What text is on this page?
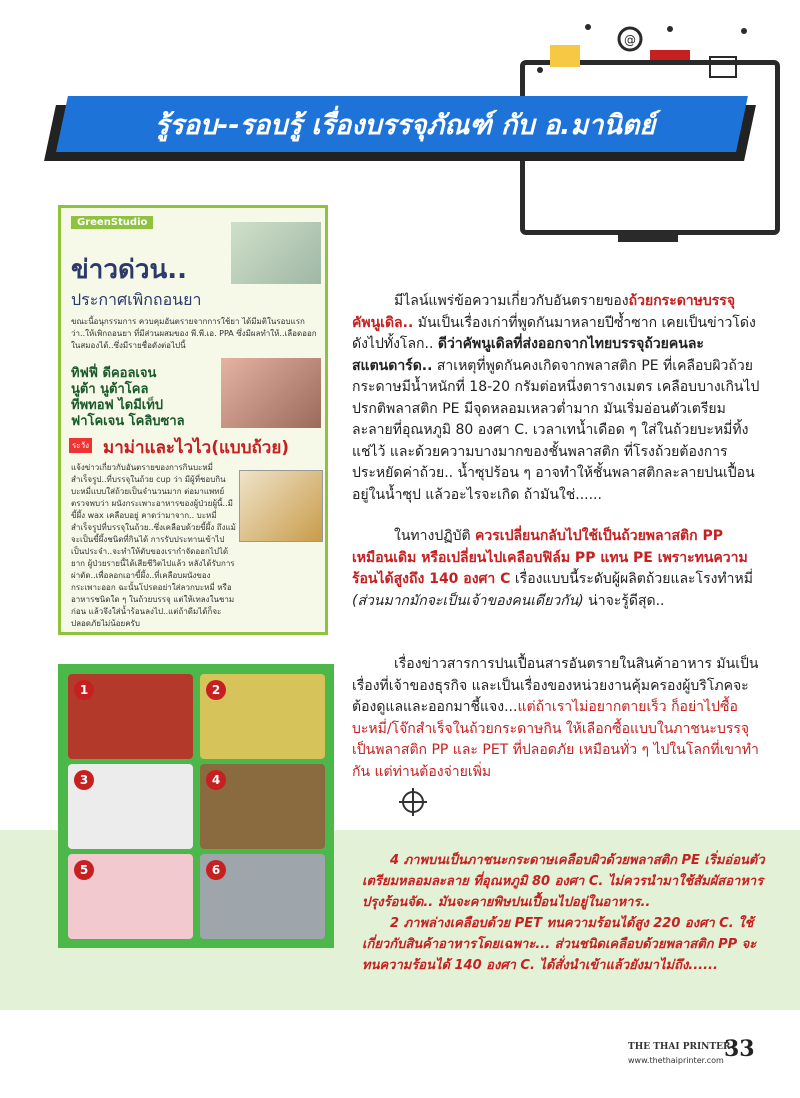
@
รู้รอบ--รอบรู้ เรื่องบรรจุภัณฑ์ กับ อ.มานิตย์
GreenStudio
ข่าวด่วน..
ประกาศเพิกถอนยา
ขณะนี้อนุกรรมการ ควบคุมอันตรายจากการใช้ยา ได้มีมติในรอบแรกว่า..ให้เพิกถอนยา ที่มีส่วนผสมของ พี.พี.เอ. PPA ซึ่งมีผลทำให้..เลือดออกในสมองได้..ซึ่งมีรายชื่อดังต่อไปนี้
ทิฟฟี่ ดีคอลเจน
นูต้า นูต้าโคล
ทีพทอฟ ไดมีเท็ป
ฟาโคเจน โคลิบซาล
ระวัง มาม่าและไวไว(แบบถ้วย)
แจ้งข่าวเกี่ยวกับอันตรายของการกินบะหมี่สำเร็จรูป..ที่บรรจุในถ้วย cup ว่า มีผู้ที่ชอบกินบะหมี่แบบใส่ถ้วยเป็นจำนวนมาก ต่อมาแพทย์ตรวจพบว่า ผนังกระเพาะอาหารของผู้ป่วยผู้นี้..มีขี้ผึ้ง wax เคลือบอยู่ คาดว่ามาจาก.. บะหมี่สำเร็จรูปที่บรรจุในถ้วย..ซึ่งเคลือบด้วยขี้ผึ้ง ถึงแม้จะเป็นขี้ผึ้งชนิดที่กินได้ การรับประทานเข้าไปเป็นประจำ..จะทำให้ตับของเรากำจัดออกไปได้ยาก ผู้ป่วยรายนี้ได้เสียชีวิตไปแล้ว หลังได้รับการผ่าตัด..เพื่อลอกเอาขี้ผึ้ง..ที่เคลือบผนังของกระเพาะออก ฉะนั้นโปรดอย่าใส่ลวกบะหมี่ หรืออาหารชนิดใด ๆ ในถ้วยบรรจุ แต่ให้เทลงในชามก่อน แล้วจึงใส่น้ำร้อนลงไป..แต่ถ้าดีมได้ก็จะปลอดภัยไม่น้อยครับ

มีไลน์แพร่ข้อความเกี่ยวกับอันตรายของถ้วยกระดาษบรรจุคัพนูเดิล.. มันเป็นเรื่องเก่าที่พูดกันมาหลายปีซ้ำซาก เคยเป็นข่าวโด่งดังไปทั้งโลก.. ดีว่าคัพนูเดิลที่ส่งออกจากไทยบรรจุถ้วยคนละสแตนดาร์ด.. สาเหตุที่พูดกันคงเกิดจากพลาสติก PE ที่เคลือบผิวถ้วยกระดาษมีน้ำหนักที่ 18-20 กรัมต่อหนึ่งตารางเมตร เคลือบบางเกินไป ปรกติพลาสติก PE มีจุดหลอมเหลวต่ำมาก มันเริ่มอ่อนตัวเตรียมละลายที่อุณหภูมิ 80 องศา C. เวลาเทน้ำเดือด ๆ ใส่ในถ้วยบะหมี่ทิ้งแช่ไว้ และด้วยความบางมากของชั้นพลาสติก ที่โรงถ้วยต้องการประหยัดค่าถ้วย.. น้ำซุปร้อน ๆ อาจทำให้ชั้นพลาสติกละลายปนเปื้อนอยู่ในน้ำซุป แล้วอะไรจะเกิด ถ้ามันใช่......

ในทางปฏิบัติ ควรเปลี่ยนกลับไปใช้เป็นถ้วยพลาสติก PP เหมือนเดิม หรือเปลี่ยนไปเคลือบฟิล์ม PP แทน PE เพราะทนความร้อนได้สูงถึง 140 องศา C เรื่องแบบนี้ระดับผู้ผลิตถ้วยและโรงทำหมี่ (ส่วนมากมักจะเป็นเจ้าของคนเดียวกัน) น่าจะรู้ดีสุด..

เรื่องข่าวสารการปนเปื้อนสารอันตรายในสินค้าอาหาร มันเป็นเรื่องที่เจ้าของธุรกิจ และเป็นเรื่องของหน่วยงานคุ้มครองผู้บริโภคจะต้องดูแลและออกมาชี้แจง...แต่ถ้าเราไม่อยากตายเร็ว ก็อย่าไปซื้อบะหมี่/โจ๊กสำเร็จในถ้วยกระดาษกิน ให้เลือกซื้อแบบในภาชนะบรรจุเป็นพลาสติก PP และ PET ที่ปลอดภัย เหมือนทั่ว ๆ ไปในโลกที่เขาทำกัน แต่ท่านต้องจ่ายเพิ่ม

1	2
3	4
5	6

4 ภาพบนเป็นภาชนะกระดาษเคลือบผิวด้วยพลาสติก PE เริ่มอ่อนตัวเตรียมหลอมละลาย ที่อุณหภูมิ 80 องศา C. ไม่ควรนำมาใช้สัมผัสอาหารปรุงร้อนจัด.. มันจะคายพิษปนเปื้อนไปอยู่ในอาหาร..

2 ภาพล่างเคลือบด้วย PET ทนความร้อนได้สูง 220 องศา C. ใช้เกี่ยวกับสินค้าอาหารโดยเฉพาะ... ส่วนชนิดเคลือบด้วยพลาสติก PP จะทนความร้อนได้ 140 องศา C. ได้สั่งนำเข้าแล้วยังมาไม่ถึง......

THE THAI PRINTER
www.thethaiprinter.com 33
